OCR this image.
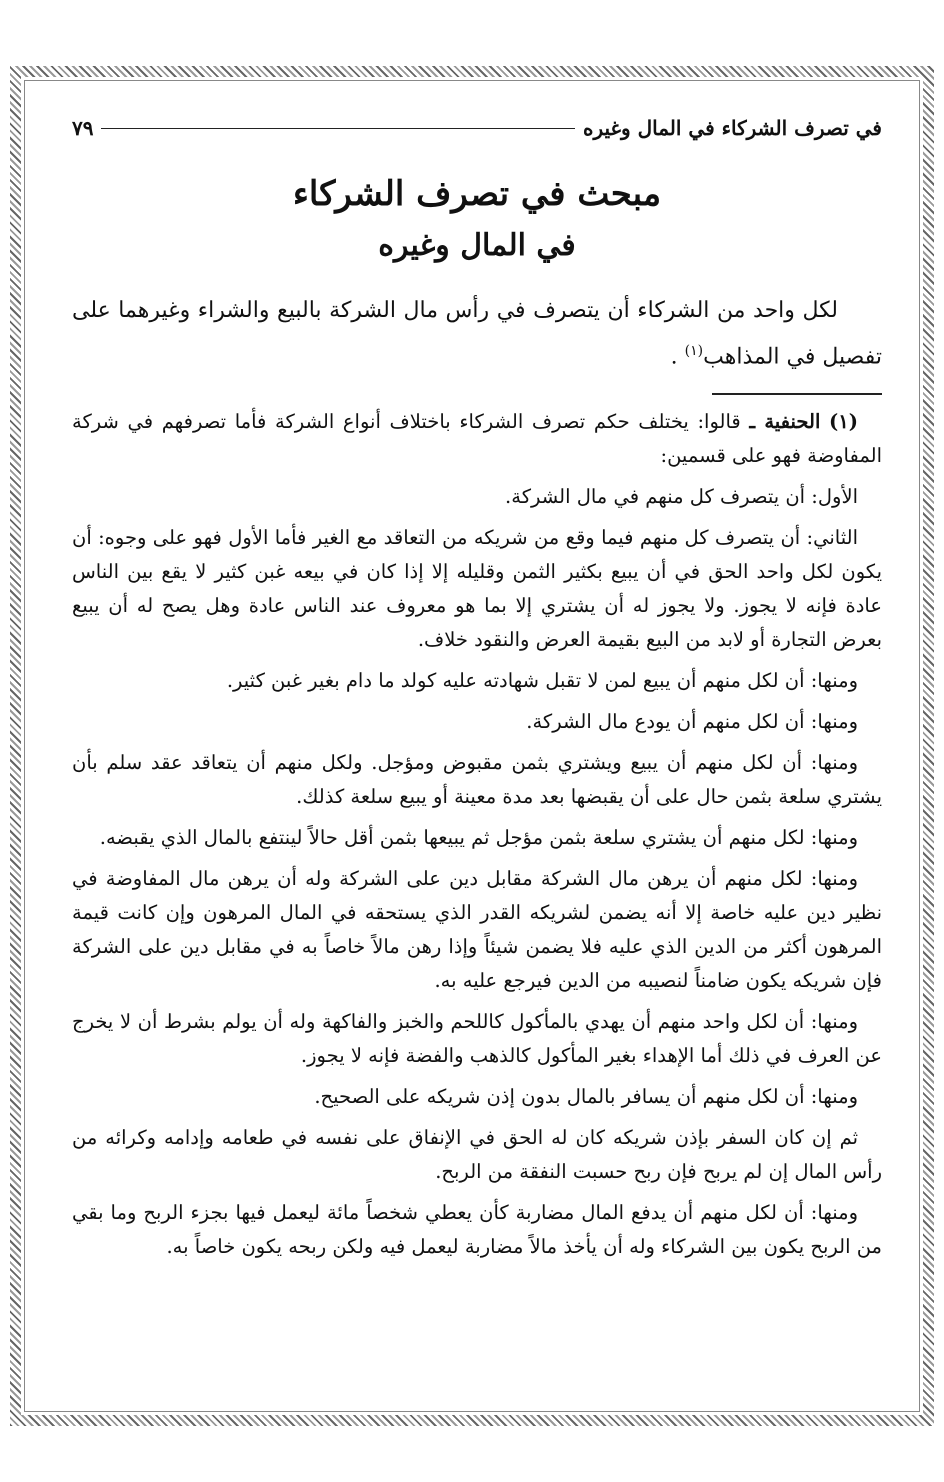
في تصرف الشركاء في المال وغيره
٧٩
مبحث في تصرف الشركاء
في المال وغيره

لكل واحد من الشركاء أن يتصرف في رأس مال الشركة بالبيع والشراء وغيرهما على تفصيل في المذاهب$^{(١)}$ .

(١) الحنفية ـ قالوا: يختلف حكم تصرف الشركاء باختلاف أنواع الشركة فأما تصرفهم في شركة المفاوضة فهو على قسمين:

الأول: أن يتصرف كل منهم في مال الشركة.

الثاني: أن يتصرف كل منهم فيما وقع من شريكه من التعاقد مع الغير فأما الأول فهو على وجوه: أن يكون لكل واحد الحق في أن يبيع بكثير الثمن وقليله إلا إذا كان في بيعه غبن كثير لا يقع بين الناس عادة فإنه لا يجوز. ولا يجوز له أن يشتري إلا بما هو معروف عند الناس عادة وهل يصح له أن يبيع بعرض التجارة أو لابد من البيع بقيمة العرض والنقود خلاف.

ومنها: أن لكل منهم أن يبيع لمن لا تقبل شهادته عليه كولد ما دام بغير غبن كثير.

ومنها: أن لكل منهم أن يودع مال الشركة.

ومنها: أن لكل منهم أن يبيع ويشتري بثمن مقبوض ومؤجل. ولكل منهم أن يتعاقد عقد سلم بأن يشتري سلعة بثمن حال على أن يقبضها بعد مدة معينة أو يبيع سلعة كذلك.

ومنها: لكل منهم أن يشتري سلعة بثمن مؤجل ثم يبيعها بثمن أقل حالاً لينتفع بالمال الذي يقبضه.

ومنها: لكل منهم أن يرهن مال الشركة مقابل دين على الشركة وله أن يرهن مال المفاوضة في نظير دين عليه خاصة إلا أنه يضمن لشريكه القدر الذي يستحقه في المال المرهون وإن كانت قيمة المرهون أكثر من الدين الذي عليه فلا يضمن شيئاً وإذا رهن مالاً خاصاً به في مقابل دين على الشركة فإن شريكه يكون ضامناً لنصيبه من الدين فيرجع عليه به.

ومنها: أن لكل واحد منهم أن يهدي بالمأكول كاللحم والخبز والفاكهة وله أن يولم بشرط أن لا يخرج عن العرف في ذلك أما الإهداء بغير المأكول كالذهب والفضة فإنه لا يجوز.

ومنها: أن لكل منهم أن يسافر بالمال بدون إذن شريكه على الصحيح.

ثم إن كان السفر بإذن شريكه كان له الحق في الإنفاق على نفسه في طعامه وإدامه وكرائه من رأس المال إن لم يربح فإن ربح حسبت النفقة من الربح.

ومنها: أن لكل منهم أن يدفع المال مضاربة كأن يعطي شخصاً مائة ليعمل فيها بجزء الربح وما بقي من الربح يكون بين الشركاء وله أن يأخذ مالاً مضاربة ليعمل فيه ولكن ربحه يكون خاصاً به.
